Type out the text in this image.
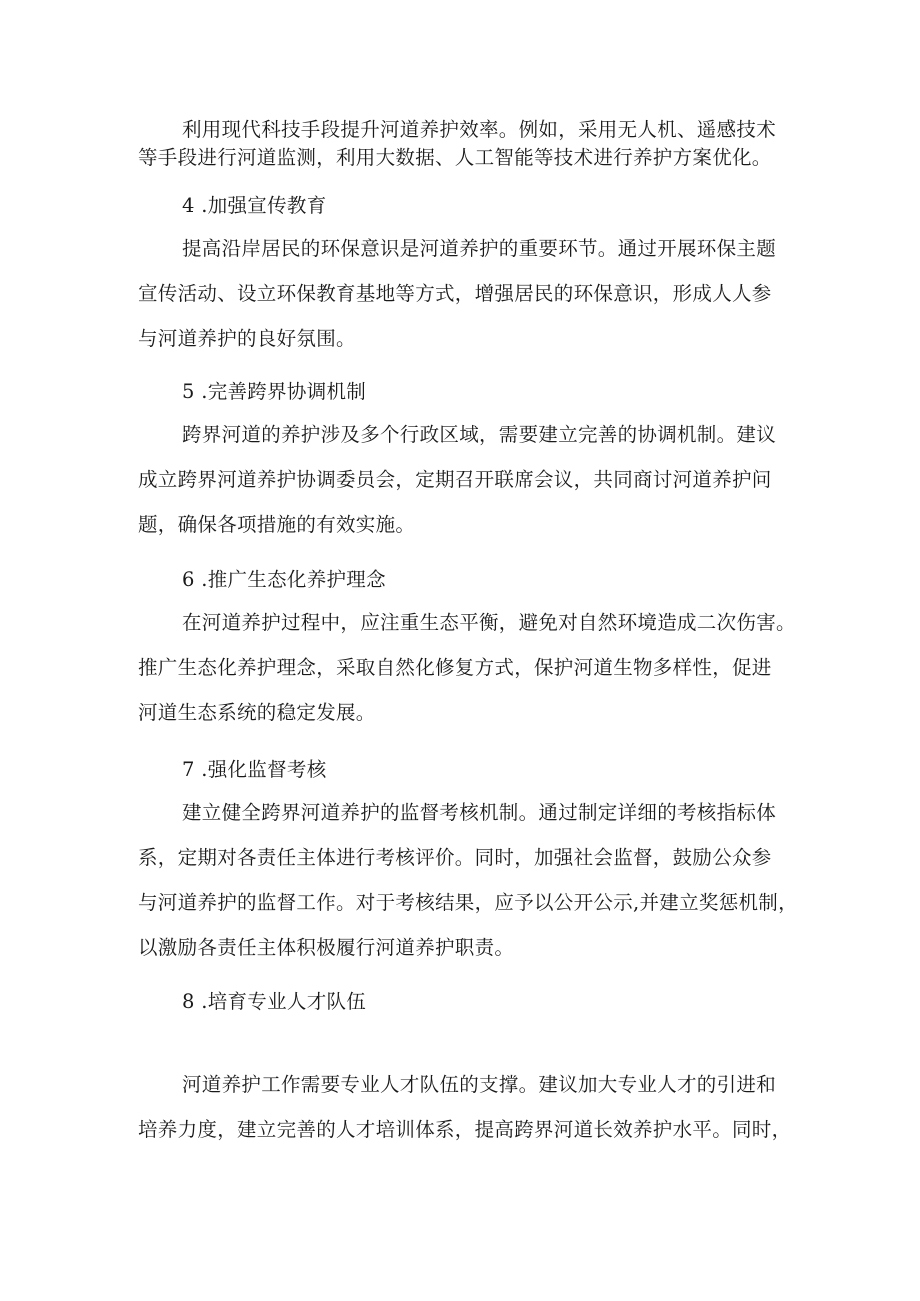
利用现代科技手段提升河道养护效率。例如，采用无人机、遥感技术
等手段进行河道监测，利用大数据、人工智能等技术进行养护方案优化。
4 .加强宣传教育
提高沿岸居民的环保意识是河道养护的重要环节。通过开展环保主题
宣传活动、设立环保教育基地等方式，增强居民的环保意识，形成人人参
与河道养护的良好氛围。
5 .完善跨界协调机制
跨界河道的养护涉及多个行政区域，需要建立完善的协调机制。建议
成立跨界河道养护协调委员会，定期召开联席会议，共同商讨河道养护问
题，确保各项措施的有效实施。
6 .推广生态化养护理念
在河道养护过程中，应注重生态平衡，避免对自然环境造成二次伤害。
推广生态化养护理念，采取自然化修复方式，保护河道生物多样性，促进
河道生态系统的稳定发展。
7 .强化监督考核
建立健全跨界河道养护的监督考核机制。通过制定详细的考核指标体
系，定期对各责任主体进行考核评价。同时，加强社会监督，鼓励公众参
与河道养护的监督工作。对于考核结果，应予以公开公示,并建立奖惩机制，
以激励各责任主体积极履行河道养护职责。
8 .培育专业人才队伍
河道养护工作需要专业人才队伍的支撑。建议加大专业人才的引进和
培养力度，建立完善的人才培训体系，提高跨界河道长效养护水平。同时，
